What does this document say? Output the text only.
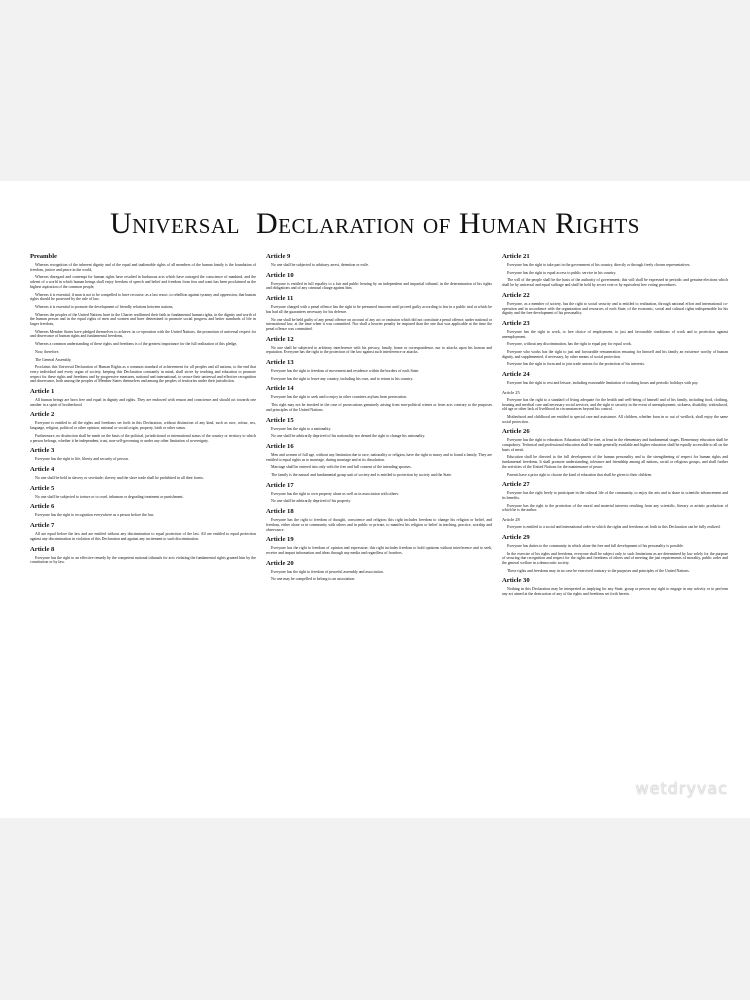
Universal  Declaration of Human Rights
Preamble

Whereas recognition of the inherent dignity and of the equal and inalienable rights of all members of the human family is the foundation of freedom, justice and peace in the world,

Whereas disregard and contempt for human rights have resulted in barbarous acts which have outraged the conscience of mankind, and the advent of a world in which human beings shall enjoy freedom of speech and belief and freedom from fear and want has been proclaimed as the highest aspiration of the common people,

Whereas it is essential, if man is not to be compelled to have recourse, as a last resort, to rebellion against tyranny and oppression, that human rights should be protected by the rule of law,

Whereas it is essential to promote the development of friendly relations between nations,

Whereas the peoples of the United Nations have in the Charter reaffirmed their faith in fundamental human rights, in the dignity and worth of the human person and in the equal rights of men and women and have determined to promote social progress and better standards of life in larger freedom,

Whereas Member States have pledged themselves to achieve, in co-operation with the United Nations, the promotion of universal respect for and observance of human rights and fundamental freedoms,

Whereas a common understanding of these rights and freedoms is of the greatest importance for the full realization of this pledge,

Now, therefore,

The General Assembly,

Proclaims this Universal Declaration of Human Rights as a common standard of achievement for all peoples and all nations, to the end that every individual and every organ of society, keeping this Declaration constantly in mind, shall strive by teaching and education to promote respect for these rights and freedoms and by progressive measures, national and international, to secure their universal and effective recognition and observance, both among the peoples of Member States themselves and among the peoples of territories under their jurisdiction.

Article 1

All human beings are born free and equal in dignity and rights. They are endowed with reason and conscience and should act towards one another in a spirit of brotherhood.

Article 2

Everyone is entitled to all the rights and freedoms set forth in this Declaration, without distinction of any kind, such as race, colour, sex, language, religion, political or other opinion, national or social origin, property, birth or other status.

Furthermore, no distinction shall be made on the basis of the political, jurisdictional or international status of the country or territory to which a person belongs, whether it be independent, trust, non-self-governing or under any other limitation of sovereignty.

Article 3

Everyone has the right to life, liberty and security of person.

Article 4

No one shall be held in slavery or servitude; slavery and the slave trade shall be prohibited in all their forms.

Article 5

No one shall be subjected to torture or to cruel, inhuman or degrading treatment or punishment.

Article 6

Everyone has the right to recognition everywhere as a person before the law.

Article 7

All are equal before the law and are entitled without any discrimination to equal protection of the law. All are entitled to equal protection against any discrimination in violation of this Declaration and against any incitement to such discrimination.

Article 8

Everyone has the right to an effective remedy by the competent national tribunals for acts violating the fundamental rights granted him by the constitution or by law.

Article 9

No one shall be subjected to arbitrary arrest, detention or exile.

Article 10

Everyone is entitled in full equality to a fair and public hearing by an independent and impartial tribunal, in the determination of his rights and obligations and of any criminal charge against him.

Article 11

Everyone charged with a penal offence has the right to be presumed innocent until proved guilty according to law in a public trial at which he has had all the guarantees necessary for his defence.

No one shall be held guilty of any penal offence on account of any act or omission which did not constitute a penal offence, under national or international law, at the time when it was committed. Nor shall a heavier penalty be imposed than the one that was applicable at the time the penal offence was committed.

Article 12

No one shall be subjected to arbitrary interference with his privacy, family, home or correspondence, nor to attacks upon his honour and reputation. Everyone has the right to the protection of the law against such interference or attacks.

Article 13

Everyone has the right to freedom of movement and residence within the borders of each State.

Everyone has the right to leave any country, including his own, and to return to his country.

Article 14

Everyone has the right to seek and to enjoy in other countries asylum from persecution.

This right may not be invoked in the case of prosecutions genuinely arising from non-political crimes or from acts contrary to the purposes and principles of the United Nations.

Article 15

Everyone has the right to a nationality.

No one shall be arbitrarily deprived of his nationality nor denied the right to change his nationality.

Article 16

Men and women of full age, without any limitation due to race, nationality or religion, have the right to marry and to found a family. They are entitled to equal rights as to marriage, during marriage and at its dissolution.

Marriage shall be entered into only with the free and full consent of the intending spouses.

The family is the natural and fundamental group unit of society and is entitled to protection by society and the State.

Article 17

Everyone has the right to own property alone as well as in association with others.

No one shall be arbitrarily deprived of his property.

Article 18

Everyone has the right to freedom of thought, conscience and religion; this right includes freedom to change his religion or belief, and freedom, either alone or in community with others and in public or private, to manifest his religion or belief in teaching, practice, worship and observance.

Article 19

Everyone has the right to freedom of opinion and expression; this right includes freedom to hold opinions without interference and to seek, receive and impart information and ideas through any media and regardless of frontiers.

Article 20

Everyone has the right to freedom of peaceful assembly and association.

No one may be compelled to belong to an association.

Article 21

Everyone has the right to take part in the government of his country, directly or through freely chosen representatives.

Everyone has the right to equal access to public service in his country.

The will of the people shall be the basis of the authority of government; this will shall be expressed in periodic and genuine elections which shall be by universal and equal suffrage and shall be held by secret vote or by equivalent free voting procedures.

Article 22

Everyone, as a member of society, has the right to social security and is entitled to realization, through national effort and international co-operation and in accordance with the organization and resources of each State, of the economic, social and cultural rights indispensable for his dignity and the free development of his personality.

Article 23

Everyone has the right to work, to free choice of employment, to just and favourable conditions of work and to protection against unemployment.

Everyone, without any discrimination, has the right to equal pay for equal work.

Everyone who works has the right to just and favourable remuneration ensuring for himself and his family an existence worthy of human dignity, and supplemented, if necessary, by other means of social protection.

Everyone has the right to form and to join trade unions for the protection of his interests.

Article 24

Everyone has the right to rest and leisure, including reasonable limitation of working hours and periodic holidays with pay.

Article 25

Everyone has the right to a standard of living adequate for the health and well-being of himself and of his family, including food, clothing, housing and medical care and necessary social services, and the right to security in the event of unemployment, sickness, disability, widowhood, old age or other lack of livelihood in circumstances beyond his control.

Motherhood and childhood are entitled to special care and assistance. All children, whether born in or out of wedlock, shall enjoy the same social protection.

Article 26

Everyone has the right to education. Education shall be free, at least in the elementary and fundamental stages. Elementary education shall be compulsory. Technical and professional education shall be made generally available and higher education shall be equally accessible to all on the basis of merit.

Education shall be directed to the full development of the human personality and to the strengthening of respect for human rights and fundamental freedoms. It shall promote understanding, tolerance and friendship among all nations, racial or religious groups, and shall further the activities of the United Nations for the maintenance of peace.

Parents have a prior right to choose the kind of education that shall be given to their children.

Article 27

Everyone has the right freely to participate in the cultural life of the community, to enjoy the arts and to share in scientific advancement and its benefits.

Everyone has the right to the protection of the moral and material interests resulting from any scientific, literary or artistic production of which he is the author.

Article 28

Everyone is entitled to a social and international order in which the rights and freedoms set forth in this Declaration can be fully realized.

Article 29

Everyone has duties to the community in which alone the free and full development of his personality is possible.

In the exercise of his rights and freedoms, everyone shall be subject only to such limitations as are determined by law solely for the purpose of securing due recognition and respect for the rights and freedoms of others and of meeting the just requirements of morality, public order and the general welfare in a democratic society.

These rights and freedoms may in no case be exercised contrary to the purposes and principles of the United Nations.

Article 30

Nothing in this Declaration may be interpreted as implying for any State, group or person any right to engage in any activity or to perform any act aimed at the destruction of any of the rights and freedoms set forth herein.

wetdryvac
